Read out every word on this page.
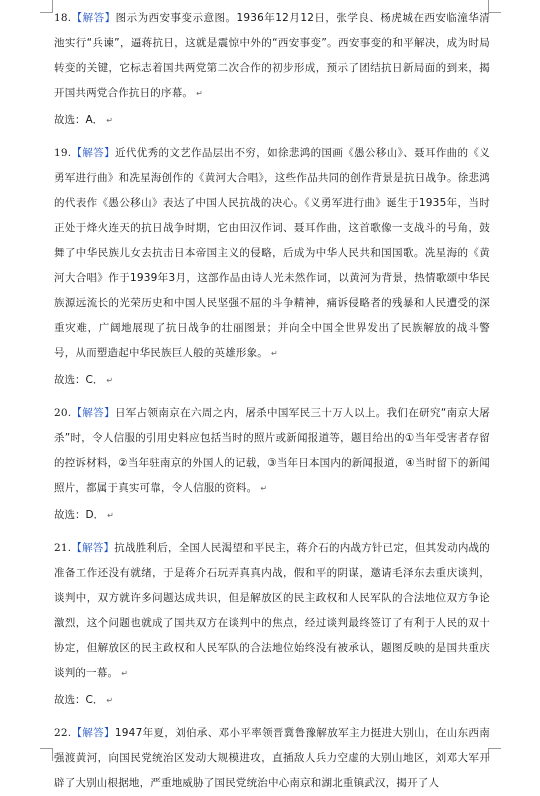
18.【解答】图示为西安事变示意图。1936年12月12日，张学良、杨虎城在西安临潼华清池实行“兵谏”，逼蒋抗日，这就是震惊中外的“西安事变”。西安事变的和平解决，成为时局转变的关键，它标志着国共两党第二次合作的初步形成，预示了团结抗日新局面的到来，揭开国共两党合作抗日的序幕。 ↵

故选：A． ↵

19.【解答】近代优秀的文艺作品层出不穷，如徐悲鸿的国画《愚公移山》、聂耳作曲的《义勇军进行曲》和冼星海创作的《黄河大合唱》，这些作品共同的创作背景是抗日战争。徐悲鸿的代表作《愚公移山》表达了中国人民抗战的决心。《义勇军进行曲》诞生于1935年，当时正处于烽火连天的抗日战争时期，它由田汉作词、聂耳作曲，这首歌像一支战斗的号角，鼓舞了中华民族儿女去抗击日本帝国主义的侵略，后成为中华人民共和国国歌。冼星海的《黄河大合唱》作于1939年3月，这部作品由诗人光未然作词，以黄河为背景，热情歌颂中华民族源远流长的光荣历史和中国人民坚强不屈的斗争精神，痛诉侵略者的残暴和人民遭受的深重灾难，广阔地展现了抗日战争的壮丽图景；并向全中国全世界发出了民族解放的战斗警号，从而塑造起中华民族巨人般的英雄形象。 ↵

故选：C． ↵

20.【解答】日军占领南京在六周之内，屠杀中国军民三十万人以上。我们在研究“南京大屠杀”时，令人信服的引用史料应包括当时的照片或新闻报道等，题目给出的①当年受害者存留的控诉材料，②当年驻南京的外国人的记载，③当年日本国内的新闻报道，④当时留下的新闻照片，都属于真实可靠，令人信服的资料。 ↵

故选：D． ↵

21.【解答】抗战胜利后，全国人民渴望和平民主，蒋介石的内战方针已定，但其发动内战的准备工作还没有就绪，于是蒋介石玩弄真真内战，假和平的阴谋，邀请毛泽东去重庆谈判，谈判中，双方就许多问题达成共识，但是解放区的民主政权和人民军队的合法地位双方争论激烈，这个问题也就成了国共双方在谈判中的焦点，经过谈判最终签订了有利于人民的双十协定，但解放区的民主政权和人民军队的合法地位始终没有被承认，题图反映的是国共重庆谈判的一幕。 ↵

故选：C． ↵

22.【解答】1947年夏，刘伯承、邓小平率领晋冀鲁豫解放军主力挺进大别山，在山东西南强渡黄河，向国民党统治区发动大规模进攻，直插敌人兵力空虚的大别山地区，刘邓大军开辟了大别山根据地，严重地威胁了国民党统治中心南京和湖北重镇武汉，揭开了人
